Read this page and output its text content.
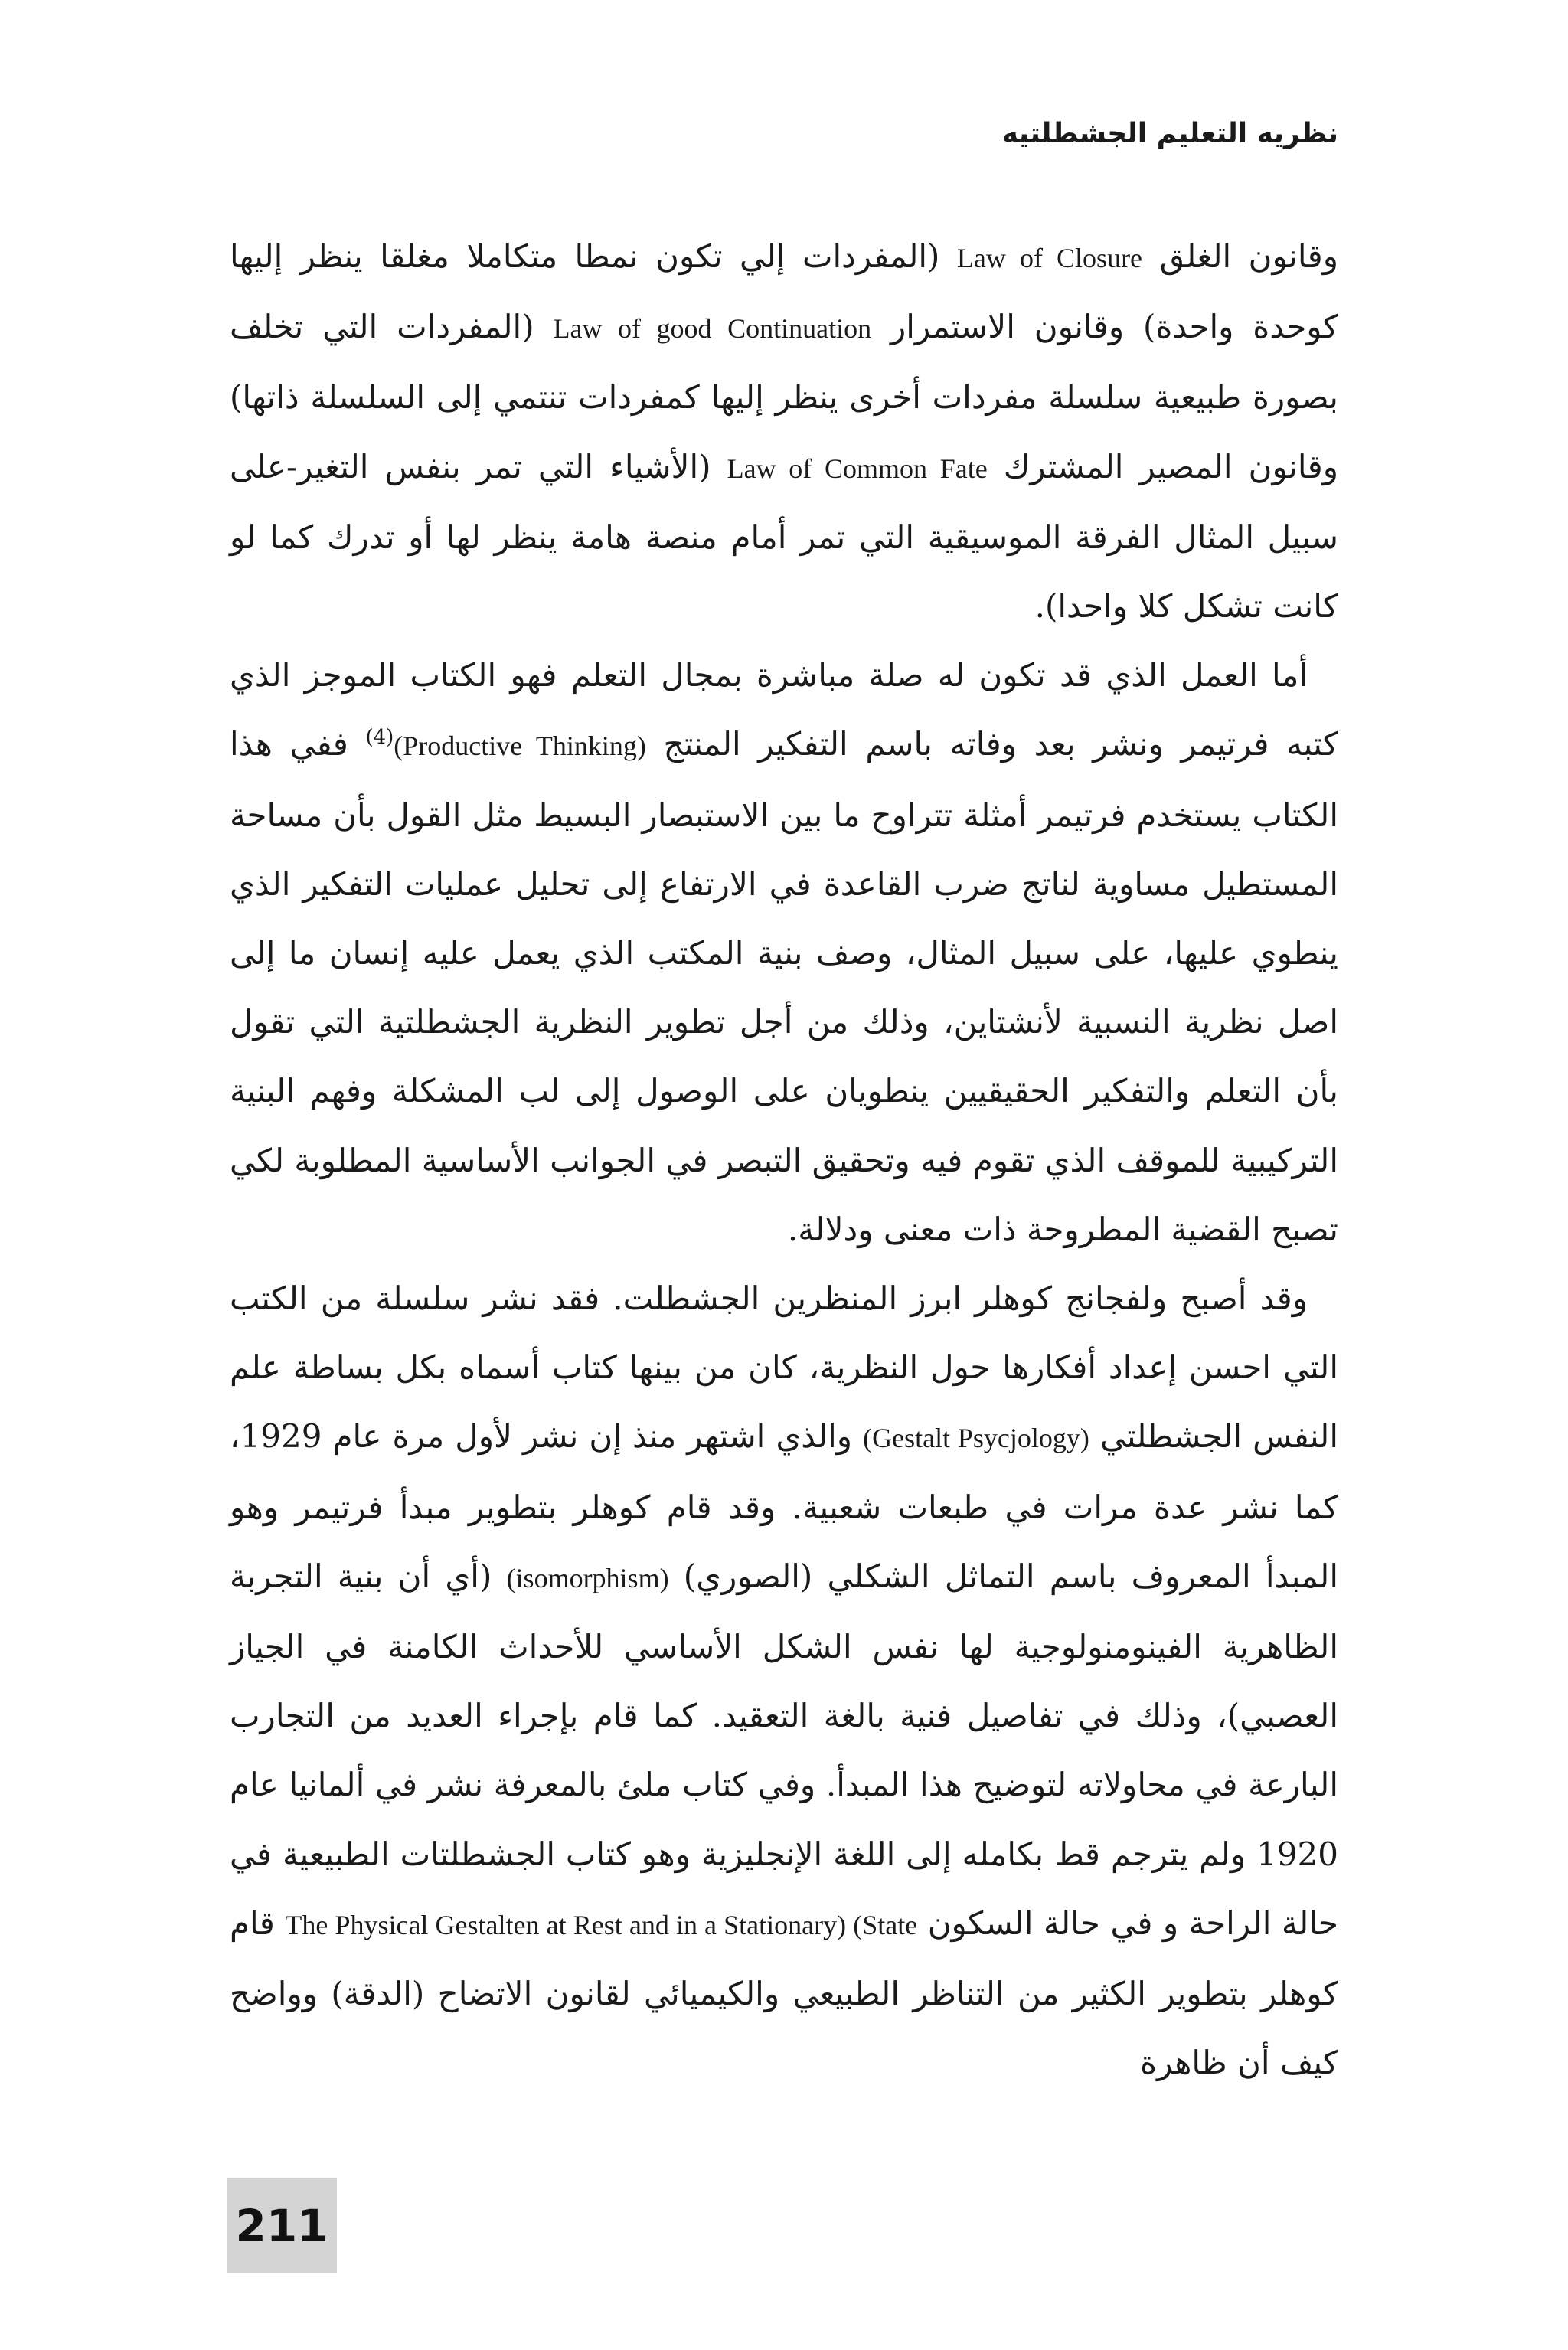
نظريه التعليم الجشطلتيه

وقانون الغلق Law of Closure (المفردات إلي تكون نمطا متكاملا مغلقا ينظر إليها كوحدة واحدة) وقانون الاستمرار Law of good Continuation (المفردات التي تخلف بصورة طبيعية سلسلة مفردات أخرى ينظر إليها كمفردات تنتمي إلى السلسلة ذاتها) وقانون المصير المشترك Law of Common Fate (الأشياء التي تمر بنفس التغير-على سبيل المثال الفرقة الموسيقية التي تمر أمام منصة هامة ينظر لها أو تدرك كما لو كانت تشكل كلا واحدا).

أما العمل الذي قد تكون له صلة مباشرة بمجال التعلم فهو الكتاب الموجز الذي كتبه فرتيمر ونشر بعد وفاته باسم التفكير المنتج (Productive Thinking)$^{(4)}$ ففي هذا الكتاب يستخدم فرتيمر أمثلة تتراوح ما بين الاستبصار البسيط مثل القول بأن مساحة المستطيل مساوية لناتج ضرب القاعدة في الارتفاع إلى تحليل عمليات التفكير الذي ينطوي عليها، على سبيل المثال، وصف بنية المكتب الذي يعمل عليه إنسان ما إلى اصل نظرية النسبية لأنشتاين، وذلك من أجل تطوير النظرية الجشطلتية التي تقول بأن التعلم والتفكير الحقيقيين ينطويان على الوصول إلى لب المشكلة وفهم البنية التركيبية للموقف الذي تقوم فيه وتحقيق التبصر في الجوانب الأساسية المطلوبة لكي تصبح القضية المطروحة ذات معنى ودلالة.

وقد أصبح ولفجانج كوهلر ابرز المنظرين الجشطلت. فقد نشر سلسلة من الكتب التي احسن إعداد أفكارها حول النظرية، كان من بينها كتاب أسماه بكل بساطة علم النفس الجشطلتي (Gestalt Psycjology) والذي اشتهر منذ إن نشر لأول مرة عام 1929، كما نشر عدة مرات في طبعات شعبية. وقد قام كوهلر بتطوير مبدأ فرتيمر وهو المبدأ المعروف باسم التماثل الشكلي (الصوري) (isomorphism) (أي أن بنية التجربة الظاهرية الفينومنولوجية لها نفس الشكل الأساسي للأحداث الكامنة في الجياز العصبي)، وذلك في تفاصيل فنية بالغة التعقيد. كما قام بإجراء العديد من التجارب البارعة في محاولاته لتوضيح هذا المبدأ. وفي كتاب ملئ بالمعرفة نشر في ألمانيا عام 1920 ولم يترجم قط بكامله إلى اللغة الإنجليزية وهو كتاب الجشطلتات الطبيعية في حالة الراحة و في حالة السكون The Physical Gestalten at Rest and in a Stationary) (State قام كوهلر بتطوير الكثير من التناظر الطبيعي والكيميائي لقانون الاتضاح (الدقة) وواضح كيف أن ظاهرة

211
